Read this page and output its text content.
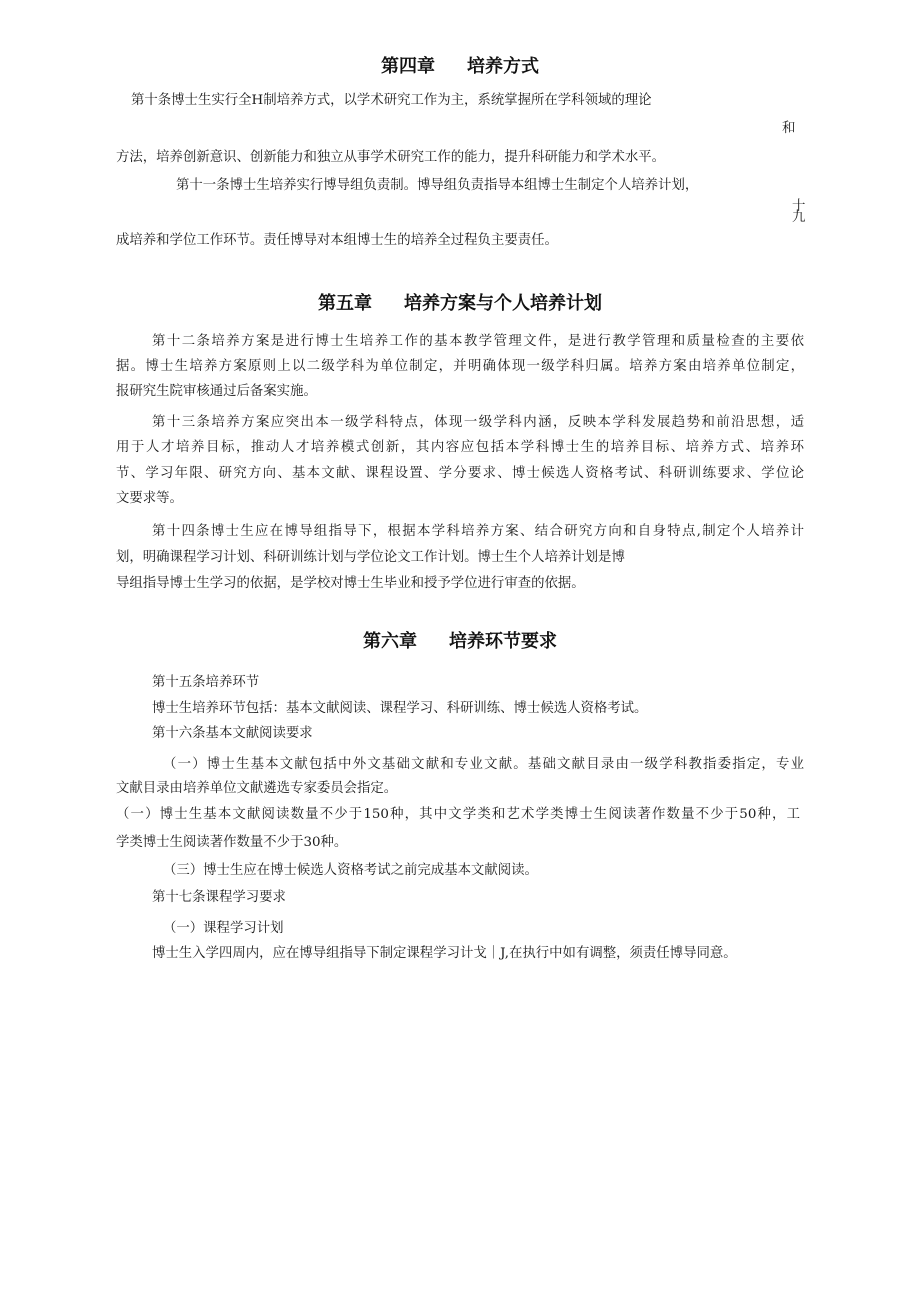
第四章 培养方式
第十条博士生实行全H制培养方式，以学术研究工作为主，系统掌握所在学科领域的理论
和
方法，培养创新意识、创新能力和独立从事学术研究工作的能力，提升科研能力和学术水平。
第十一条博士生培养实行博导组负责制。博导组负责指导本组博士生制定个人培养计划，
十
九
成培养和学位工作环节。责任博导对本组博士生的培养全过程负主要责任。
第五章 培养方案与个人培养计划
第十二条培养方案是进行博士生培养工作的基本教学管理文件，是进行教学管理和质量检查的主要依
据。博士生培养方案原则上以二级学科为单位制定，并明确体现一级学科归属。培养方案由培养单位制定，
报研究生院审核通过后备案实施。
第十三条培养方案应突出本一级学科特点，体现一级学科内涵，反映本学科发展趋势和前沿思想，适
用于人才培养目标，推动人才培养模式创新，其内容应包括本学科博士生的培养目标、培养方式、培养环
节、学习年限、研究方向、基本文献、课程设置、学分要求、博士候选人资格考试、科研训练要求、学位论
文要求等。
第十四条博士生应在博导组指导下，根据本学科培养方案、结合研究方向和自身特点,制定个人培养计
划，明确课程学习计划、科研训练计划与学位论文工作计划。博士生个人培养计划是博
导组指导博士生学习的依据，是学校对博士生毕业和授予学位进行审查的依据。
第六章 培养环节要求
第十五条培养环节
博士生培养环节包括：基本文献阅读、课程学习、科研训练、博士候选人资格考试。
第十六条基本文献阅读要求
（一）博士生基本文献包括中外文基础文献和专业文献。基础文献目录由一级学科教指委指定，专业
文献目录由培养单位文献遴选专家委员会指定。
（一）博士生基本文献阅读数量不少于150种，其中文学类和艺术学类博士生阅读著作数量不少于50种，工
学类博士生阅读著作数量不少于30种。
（三）博士生应在博士候选人资格考试之前完成基本文献阅读。
第十七条课程学习要求
（一）课程学习计划
博士生入学四周内，应在博导组指导下制定课程学习计戈｜J,在执行中如有调整，须责任博导同意。
